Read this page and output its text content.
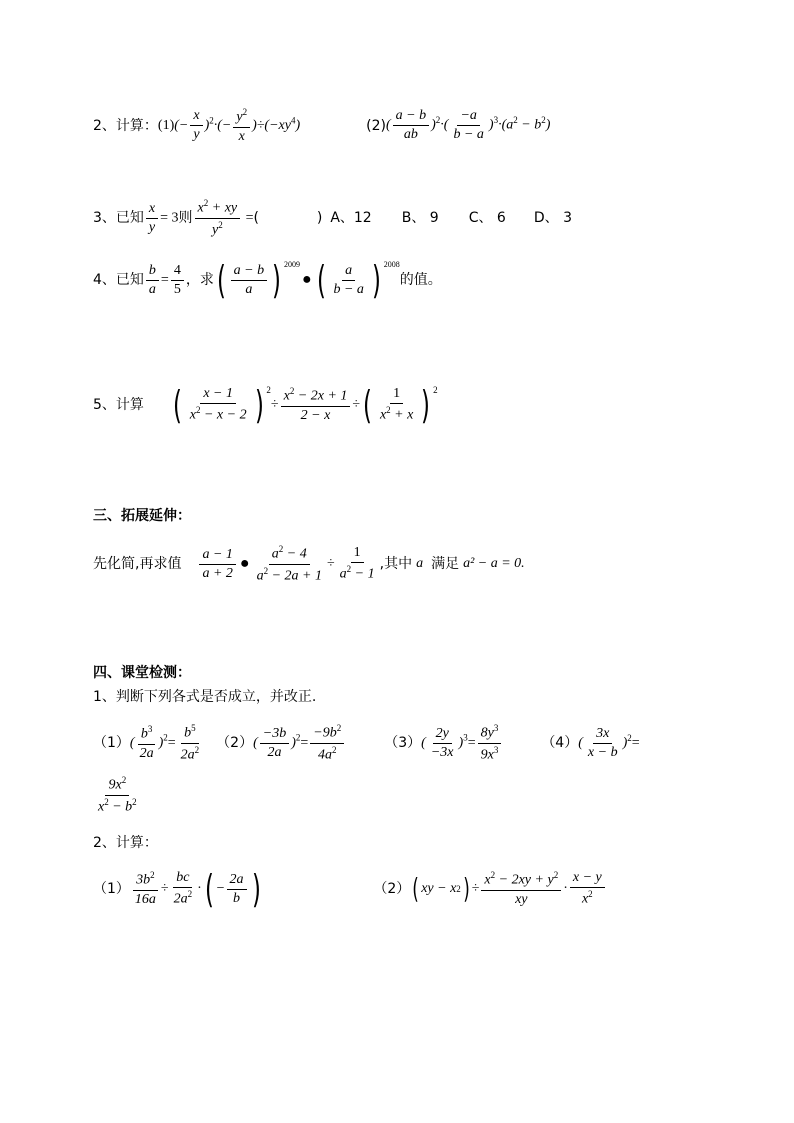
2、计算： (1) (− $\frac{x}{y} )^2\cdot(- \frac{y^2}{x} )\div(-xy^4)$	(2) ( $\frac{a - b}{ab} )^2\cdot( \frac{-a}{b - a} )^3\cdot(a^2 - b^2)$
3、已知 $\frac{x}{y} = 3$ 则 $\frac{x^2 + xy}{y^2}$ = (             ) A、12 B、 9 C、 6 D、 3
4、已知 $\frac{b}{a} = \frac{4}{5}$ ，求 ( $\frac{a - b}{a}$ ) 2009
● ( $\frac{a}{b - a}$ ) 2008
的值。
5、计算 ( $\frac{x - 1}{x^2 - x - 2}$ ) 2
÷ $\frac{x^2 - 2x + 1}{2 - x}$ ÷ ( $\frac{1}{x^2 + x}$ ) 2
三、拓展延伸：
先化简,再求值 $\frac{a - 1}{a + 2}$ ● $\frac{a^2 - 4}{a^2 - 2a + 1} \div \frac{1}{a^2 - 1}$ ,其中 a 满足 a² − a = 0.
四、课堂检测：
1、判断下列各式是否成立，并改正.
（1） ( $\frac{b^3}{2a} )^2= \frac{b^5}{2a^2} (2)$ ( $\frac{-3b}{2a} )^2= \frac{-9b^2}{4a^2}$	（3） ( $\frac{2y}{-3x} )^3= \frac{8y^3}{9x^3}$	（4） ( $\frac{3x}{x - b} )^2=$
$\frac{9x^2}{x^2 - b^2}$
2、计算：
$(1) \frac{3b^2}{16a} \div \frac{bc}{2a^2}$ · ( − $\frac{2a}{b}$ )	（2） ( xy − x 2 ) ÷ $\frac{x^2 - 2xy + y^2}{xy} \cdot \frac{x - y}{x^2}$
